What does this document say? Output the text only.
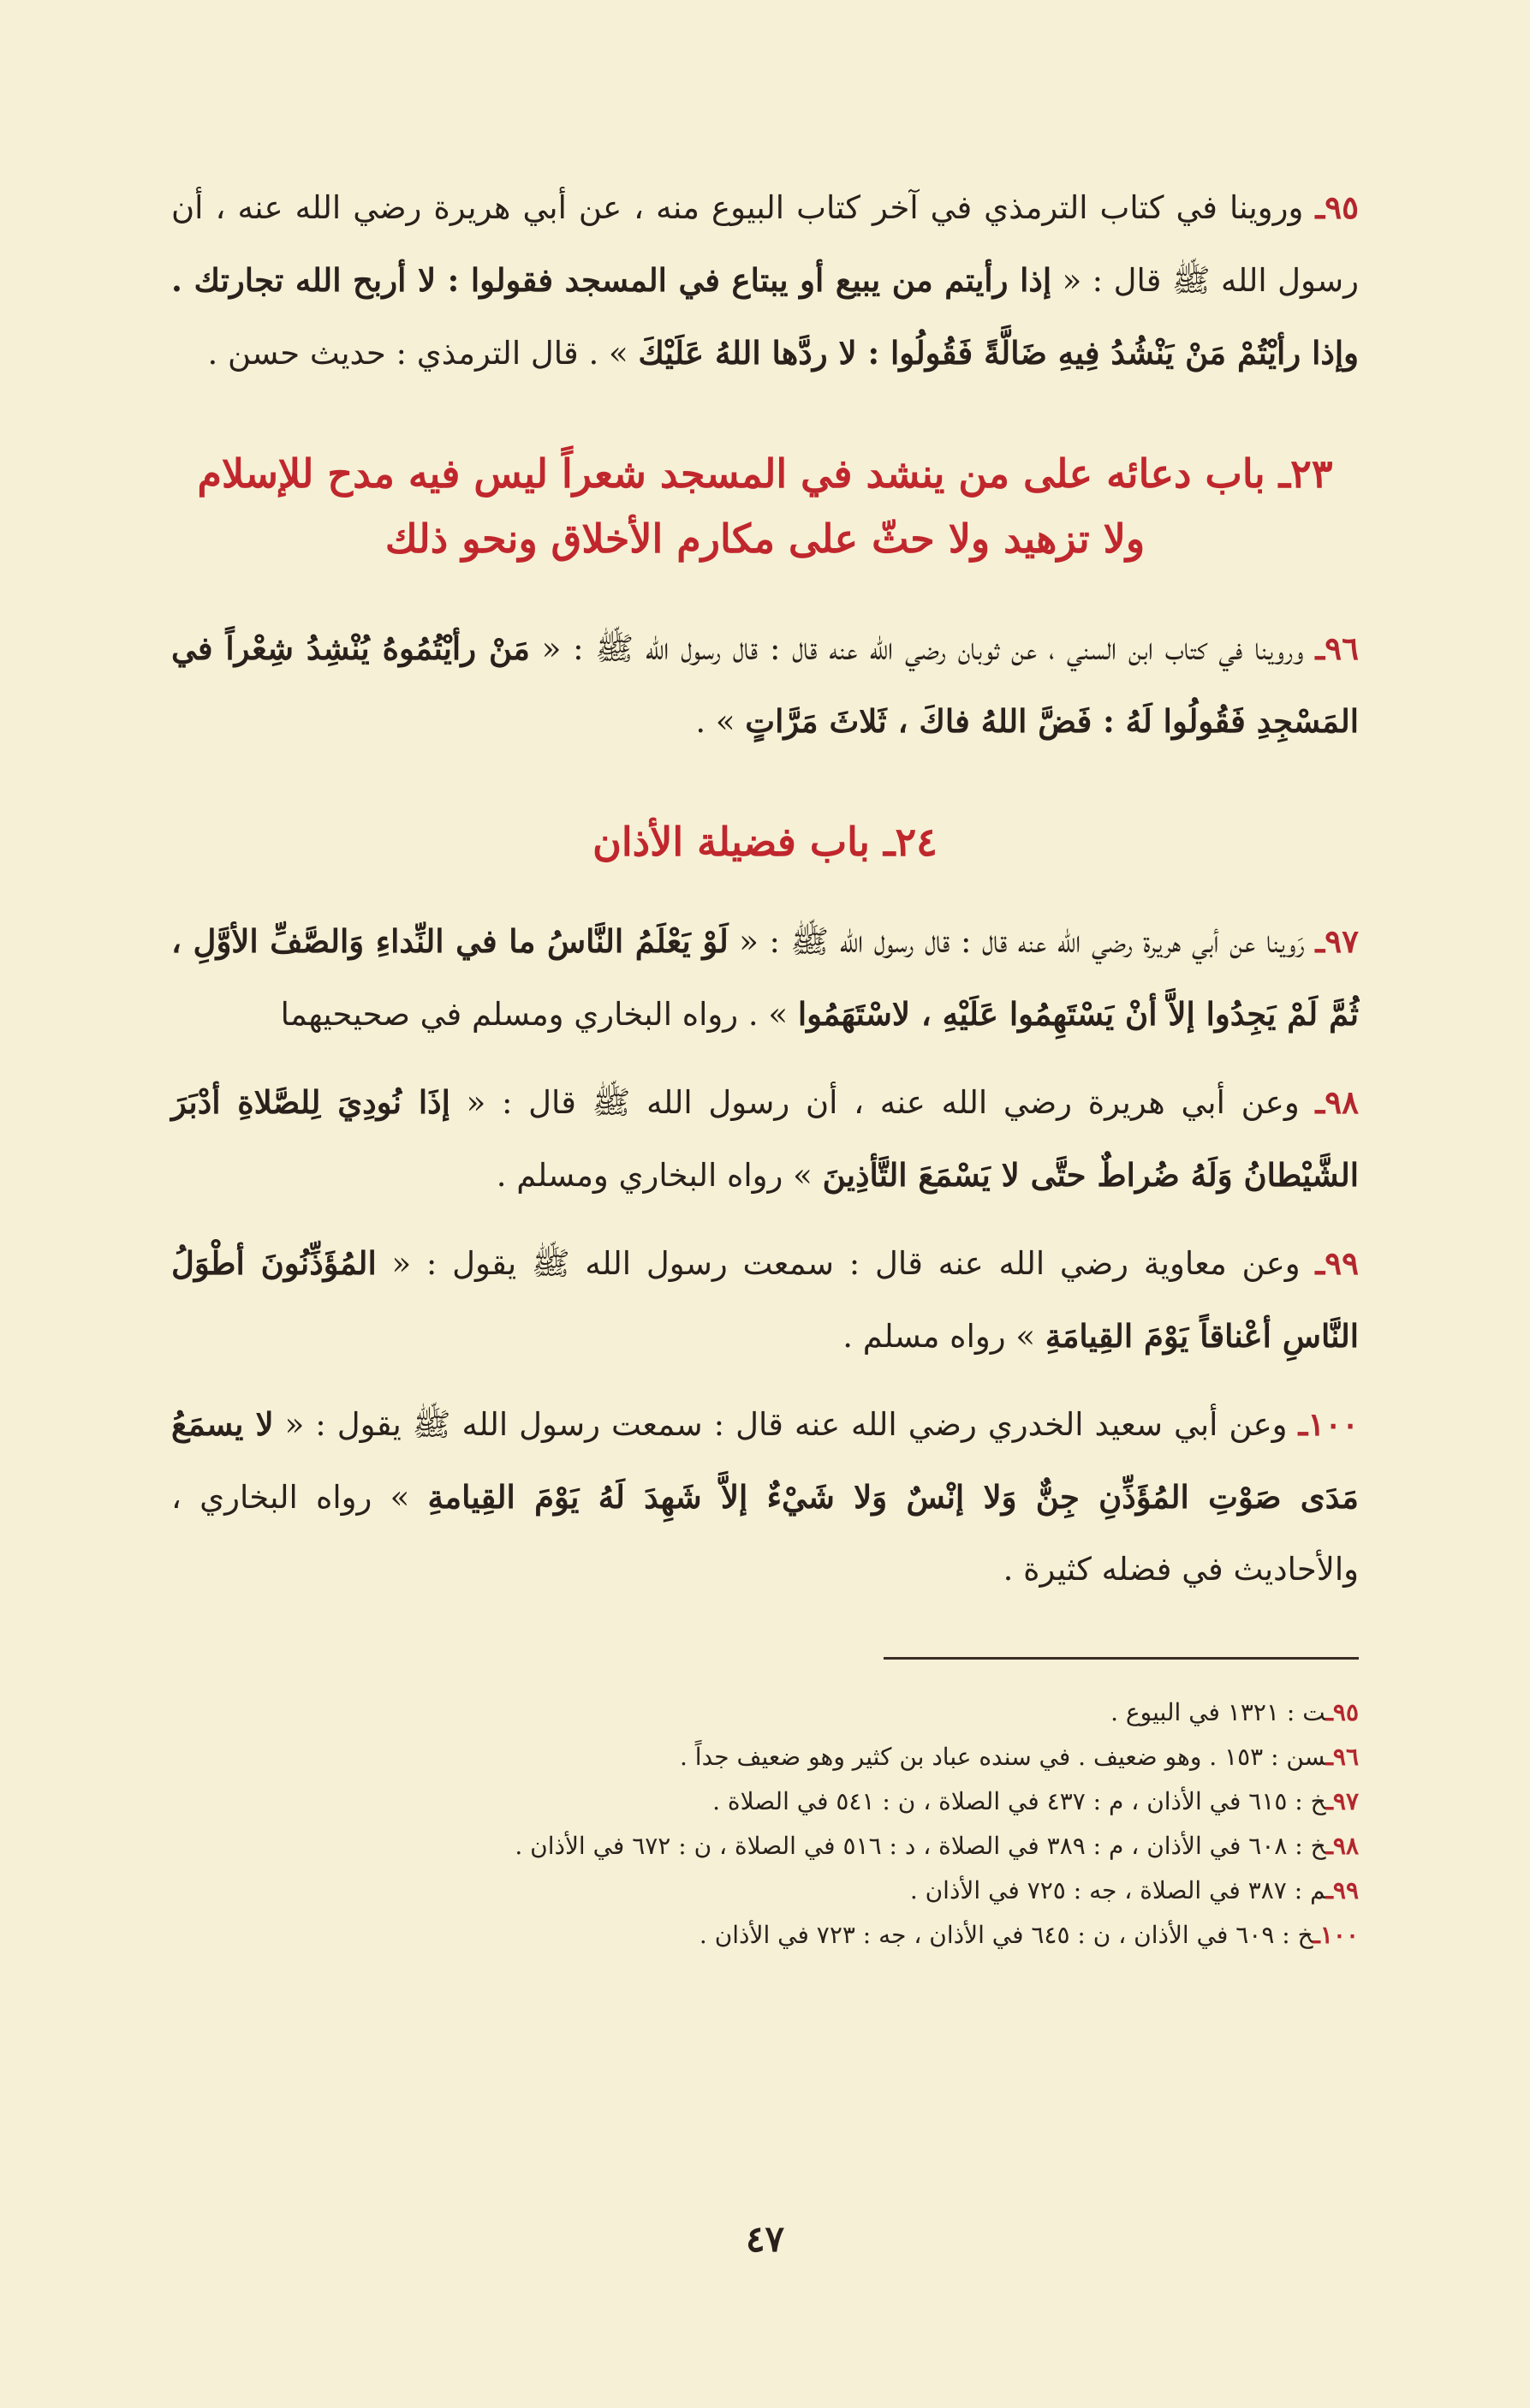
٩٥ـ وروينا في كتاب الترمذي في آخر كتاب البيوع منه ، عن أبي هريرة رضي الله عنه ، أن رسول الله ﷺ قال : « إذا رأيتم من يبيع أو يبتاع في المسجد فقولوا : لا أربح الله تجارتك . وإذا رأيْتُمْ مَنْ يَنْشُدُ فِيهِ ضَالَّةً فَقُولُوا : لا ردَّها اللهُ عَلَيْكَ » . قال الترمذي : حديث حسن .

٢٣ـ باب دعائه على من ينشد في المسجد شعراً ليس فيه مدح للإسلام
ولا تزهيد ولا حثّ على مكارم الأخلاق ونحو ذلك

٩٦ـ وروينا في كتاب ابن السني ، عن ثوبان رضي الله عنه قال : قال رسول الله ﷺ : « مَنْ رأيْتُمُوهُ يُنْشِدُ شِعْراً في المَسْجِدِ فَقُولُوا لَهُ : فَضَّ اللهُ فاكَ ، ثَلاثَ مَرَّاتٍ » .

٢٤ـ باب فضيلة الأذان

٩٧ـ رَوينا عن أبي هريرة رضي الله عنه قال : قال رسول الله ﷺ : « لَوْ يَعْلَمُ النَّاسُ ما في النِّداءِ وَالصَّفِّ الأوَّلِ ، ثُمَّ لَمْ يَجِدُوا إلاَّ أنْ يَسْتَهِمُوا عَلَيْهِ ، لاسْتَهَمُوا » . رواه البخاري ومسلم في صحيحيهما

٩٨ـ وعن أبي هريرة رضي الله عنه ، أن رسول الله ﷺ قال : « إذَا نُودِيَ لِلصَّلاةِ أدْبَرَ الشَّيْطانُ وَلَهُ ضُراطٌ حتَّى لا يَسْمَعَ التَّأذِينَ » رواه البخاري ومسلم .

٩٩ـ وعن معاوية رضي الله عنه قال : سمعت رسول الله ﷺ يقول : « المُؤَذِّنُونَ أطْوَلُ النَّاسِ أعْناقاً يَوْمَ القِيامَةِ » رواه مسلم .

١٠٠ـ وعن أبي سعيد الخدري رضي الله عنه قال : سمعت رسول الله ﷺ يقول : « لا يسمَعُ مَدَى صَوْتِ المُؤَذِّنِ جِنٌّ وَلا إنْسٌ وَلا شَيْءٌ إلاَّ شَهِدَ لَهُ يَوْمَ القِيامةِ » رواه البخاري ، والأحاديث في فضله كثيرة .

٩٥ـت : ١٣٢١ في البيوع .

٩٦ـسن : ١٥٣ . وهو ضعيف . في سنده عباد بن كثير وهو ضعيف جداً .

٩٧ـخ : ٦١٥ في الأذان ، م : ٤٣٧ في الصلاة ، ن : ٥٤١ في الصلاة .

٩٨ـخ : ٦٠٨ في الأذان ، م : ٣٨٩ في الصلاة ، د : ٥١٦ في الصلاة ، ن : ٦٧٢ في الأذان .

٩٩ـم : ٣٨٧ في الصلاة ، جه : ٧٢٥ في الأذان .

١٠٠ـخ : ٦٠٩ في الأذان ، ن : ٦٤٥ في الأذان ، جه : ٧٢٣ في الأذان .

٤٧
